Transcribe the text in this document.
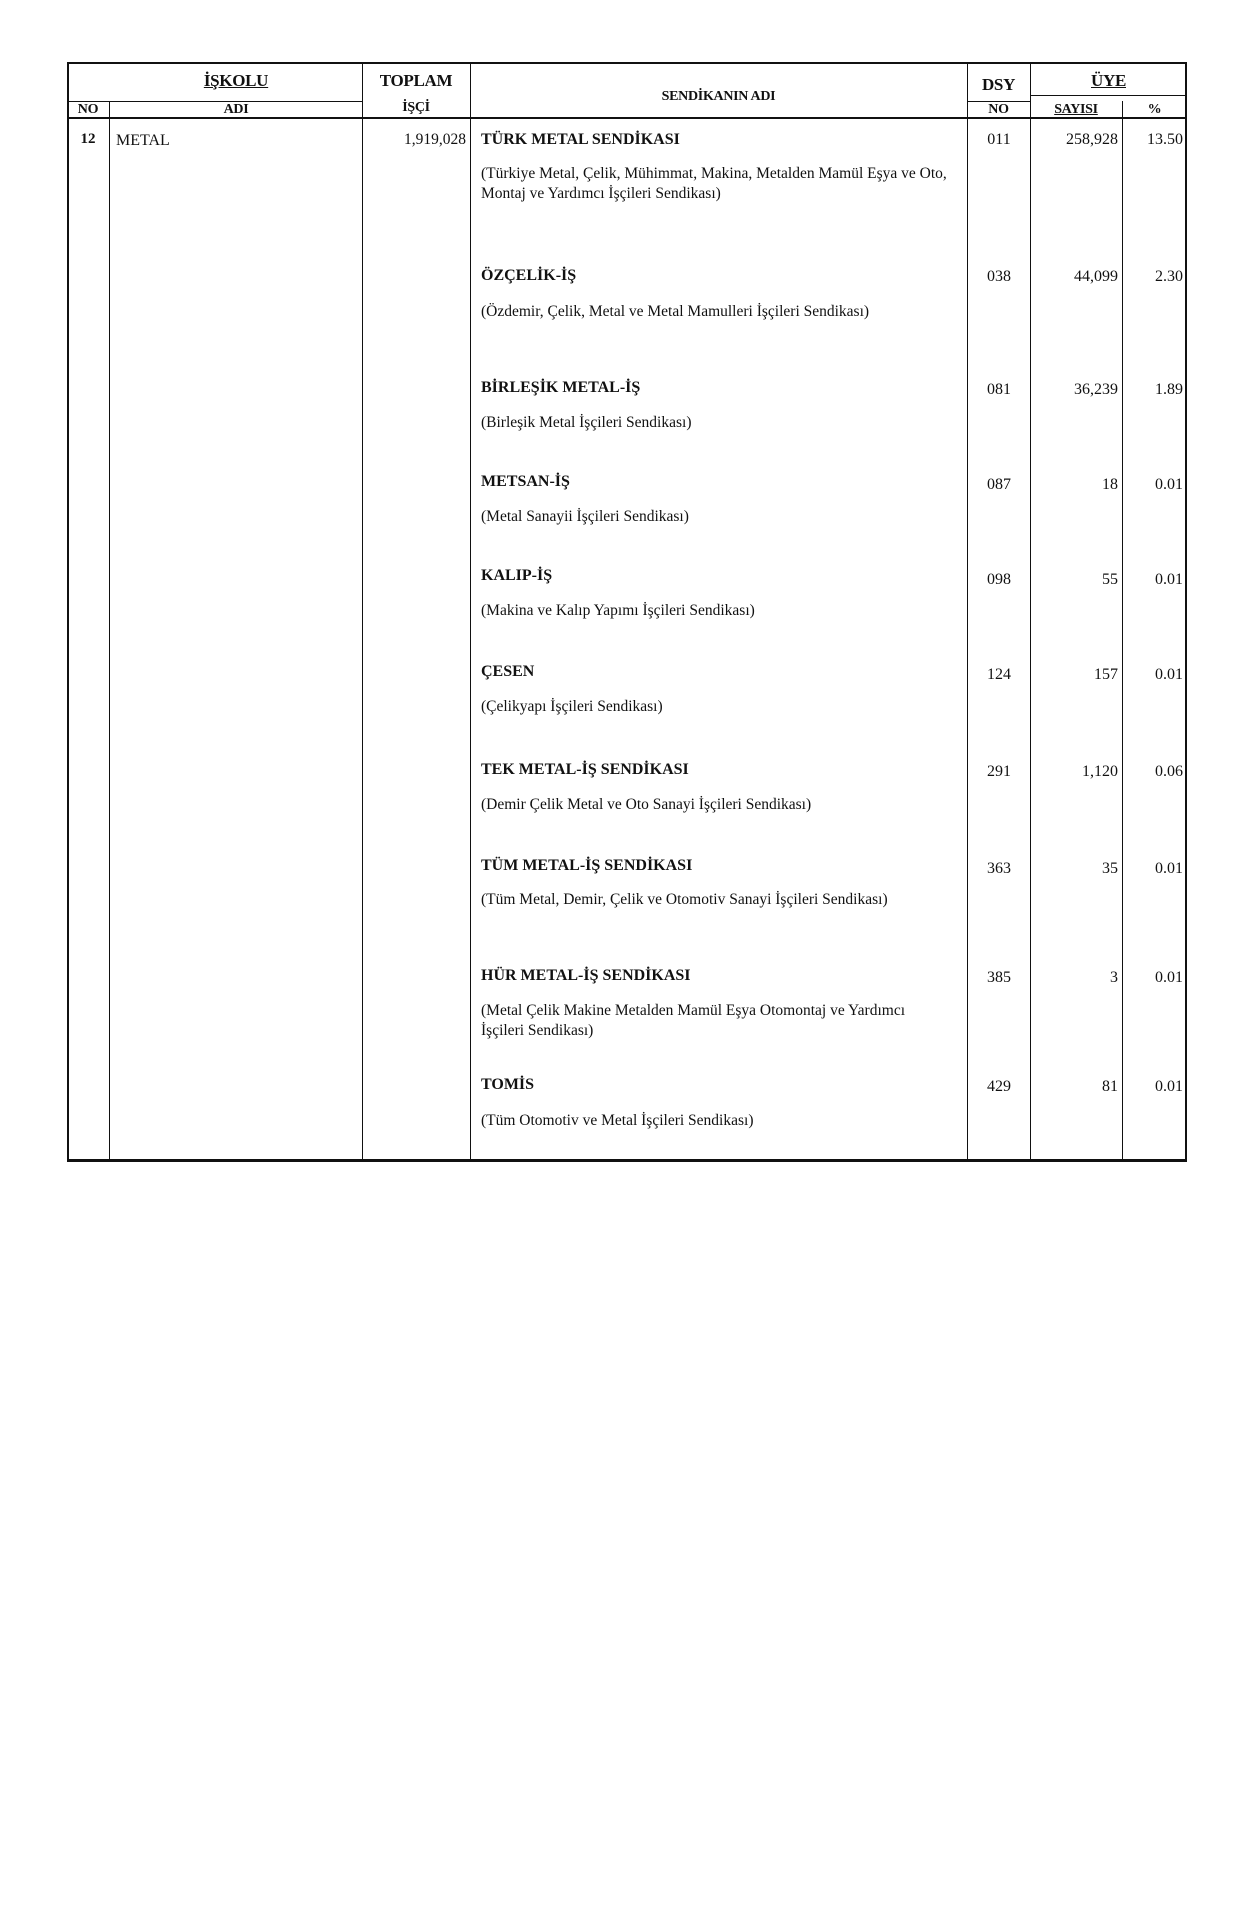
İŞKOLU
NO	ADI
TOPLAM
İŞÇİ
SENDİKANIN ADI
DSY
NO
ÜYE
SAYISI	%
12	METAL	1,919,028 TÜRK METAL SENDİKASI
(Türkiye Metal, Çelik, Mühimmat, Makina, Metalden Mamül Eşya ve Oto, Montaj ve Yardımcı İşçileri Sendikası)
011	258,928	13.50
ÖZÇELİK-İŞ
(Özdemir, Çelik, Metal ve Metal Mamulleri İşçileri Sendikası)
038	44,099	2.30
BİRLEŞİK METAL-İŞ
(Birleşik Metal İşçileri Sendikası)
081	36,239	1.89
METSAN-İŞ
(Metal Sanayii İşçileri Sendikası)
087	18	0.01
KALIP-İŞ
(Makina ve Kalıp Yapımı İşçileri Sendikası)
098	55	0.01
ÇESEN
(Çelikyapı İşçileri Sendikası)
124	157	0.01
TEK METAL-İŞ SENDİKASI
(Demir Çelik Metal ve Oto Sanayi İşçileri Sendikası)
291	1,120	0.06
TÜM METAL-İŞ SENDİKASI
(Tüm Metal, Demir, Çelik ve Otomotiv Sanayi İşçileri Sendikası)
363	35	0.01
HÜR METAL-İŞ SENDİKASI
(Metal Çelik Makine Metalden Mamül Eşya Otomontaj ve Yardımcı İşçileri Sendikası)
385	3	0.01
TOMİS
(Tüm Otomotiv ve Metal İşçileri Sendikası)
429	81	0.01
